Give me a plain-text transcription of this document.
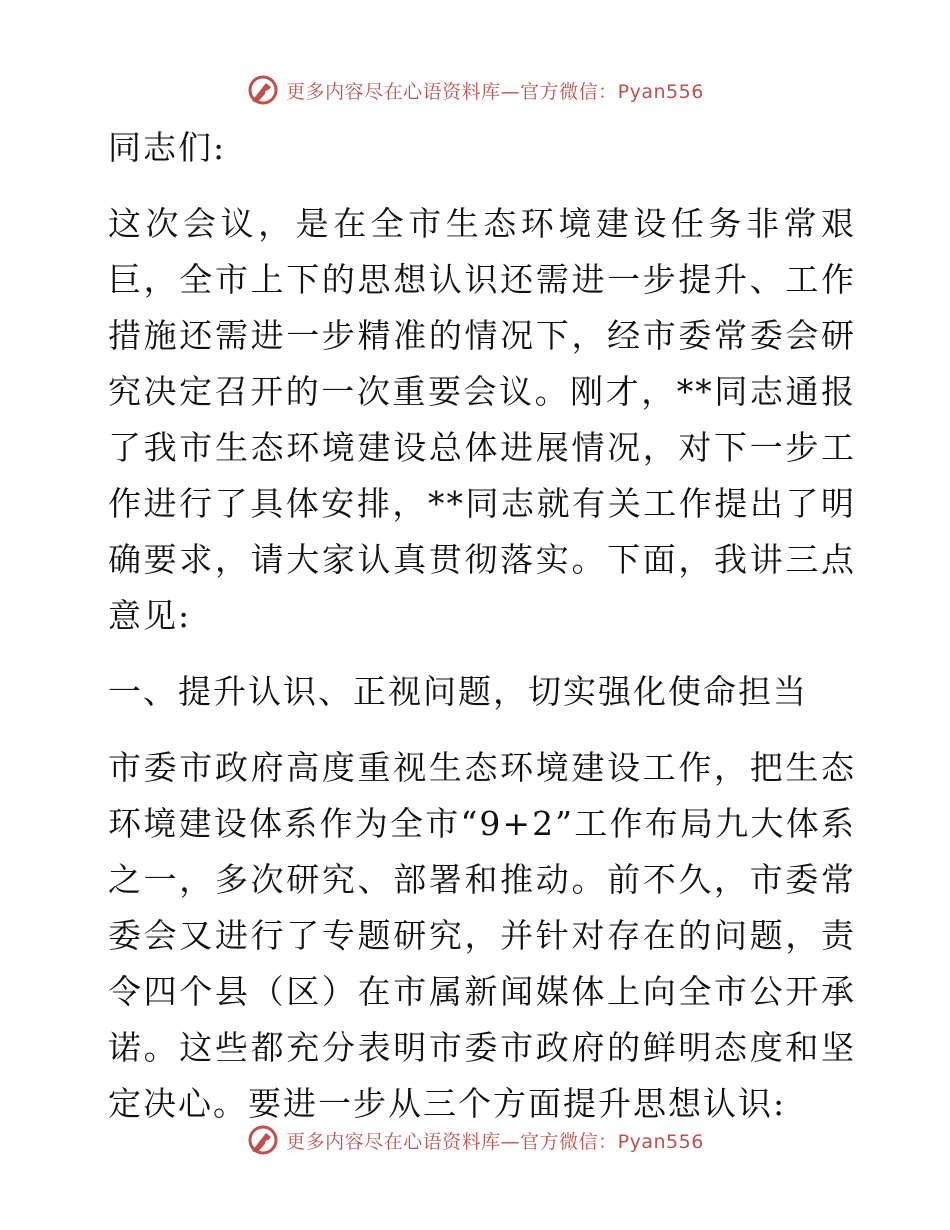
更多内容尽在心语资料库—官方微信：Pyan556

同志们:

这次会议，是在全市生态环境建设任务非常艰巨，全市上下的思想认识还需进一步提升、工作措施还需进一步精准的情况下，经市委常委会研究决定召开的一次重要会议。刚才，**同志通报了我市生态环境建设总体进展情况，对下一步工作进行了具体安排，**同志就有关工作提出了明确要求，请大家认真贯彻落实。下面，我讲三点意见:

一、提升认识、正视问题，切实强化使命担当

市委市政府高度重视生态环境建设工作，把生态环境建设体系作为全市“9+2”工作布局九大体系之一，多次研究、部署和推动。前不久，市委常委会又进行了专题研究，并针对存在的问题，责令四个县（区）在市属新闻媒体上向全市公开承诺。这些都充分表明市委市政府的鲜明态度和坚定决心。要进一步从三个方面提升思想认识:

更多内容尽在心语资料库—官方微信：Pyan556
